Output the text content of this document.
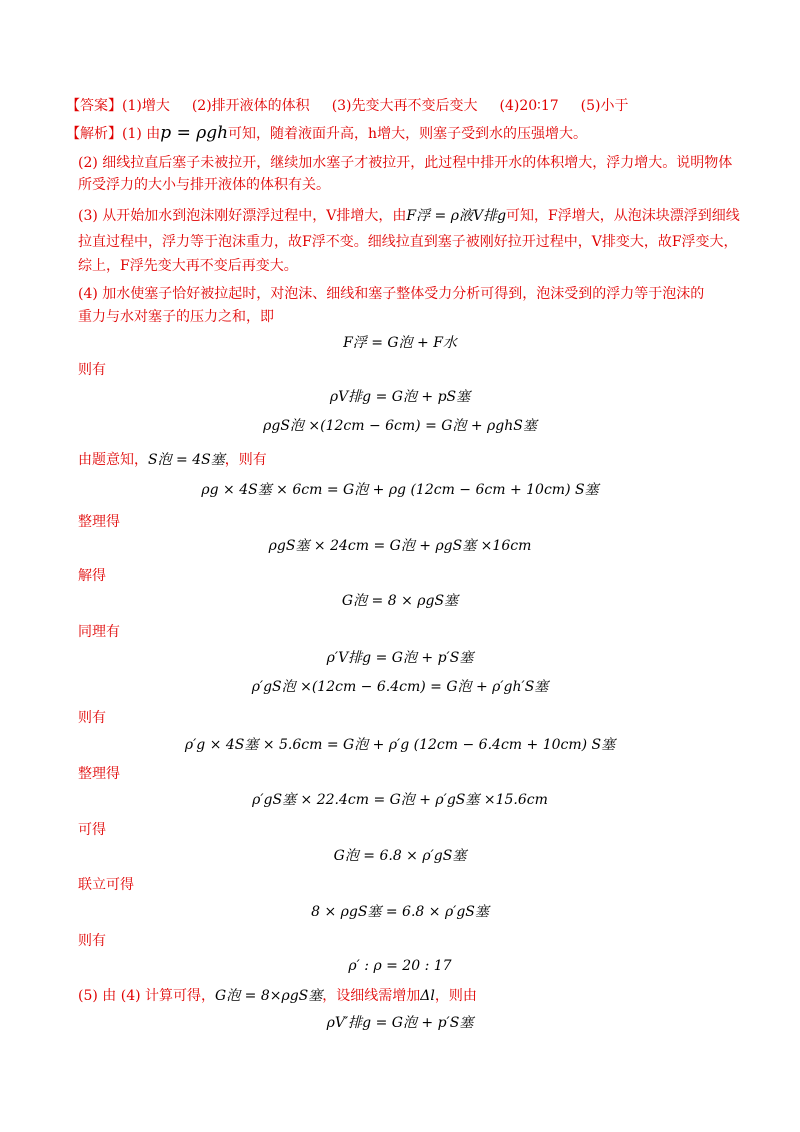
【答案】(1)增大 (2)排开液体的体积 (3)先变大再不变后变大 (4)20∶17 (5)小于
【解析】(1) 由p = ρgh可知，随着液面升高，h增大，则塞子受到水的压强增大。
(2) 细线拉直后塞子未被拉开，继续加水塞子才被拉开，此过程中排开水的体积增大，浮力增大。说明物体所受浮力的大小与排开液体的体积有关。
(3) 从开始加水到泡沫刚好漂浮过程中，V排增大，由F浮 = ρ液V排g可知，F浮增大，从泡沫块漂浮到细线
拉直过程中，浮力等于泡沫重力，故F浮不变。细线拉直到塞子被刚好拉开过程中，V排变大，故F浮变大，
综上，F浮先变大再不变后再变大。
(4) 加水使塞子恰好被拉起时，对泡沫、细线和塞子整体受力分析可得到，泡沫受到的浮力等于泡沫的
重力与水对塞子的压力之和，即
F浮 = G泡 + F水
则有
ρV排g = G泡 + pS塞
ρgS泡 ×(12cm − 6cm) = G泡 + ρghS塞
由题意知，S泡 = 4S塞，则有
ρg × 4S塞 × 6cm = G泡 + ρg (12cm − 6cm + 10cm) S塞
整理得
ρgS塞 × 24cm = G泡 + ρgS塞 ×16cm
解得
G泡 = 8 × ρgS塞
同理有
ρ′V排g = G泡 + p′S塞
ρ′gS泡 ×(12cm − 6.4cm) = G泡 + ρ′gh′S塞
则有
ρ′g × 4S塞 × 5.6cm = G泡 + ρ′g (12cm − 6.4cm + 10cm) S塞
整理得
ρ′gS塞 × 22.4cm = G泡 + ρ′gS塞 ×15.6cm
可得
G泡 = 6.8 × ρ′gS塞
联立可得
8 × ρgS塞 = 6.8 × ρ′gS塞
则有
ρ′ : ρ = 20 : 17
(5) 由 (4) 计算可得，G泡 = 8×ρgS塞，设细线需增加Δl，则由
ρV′排g = G泡 + p′S塞
